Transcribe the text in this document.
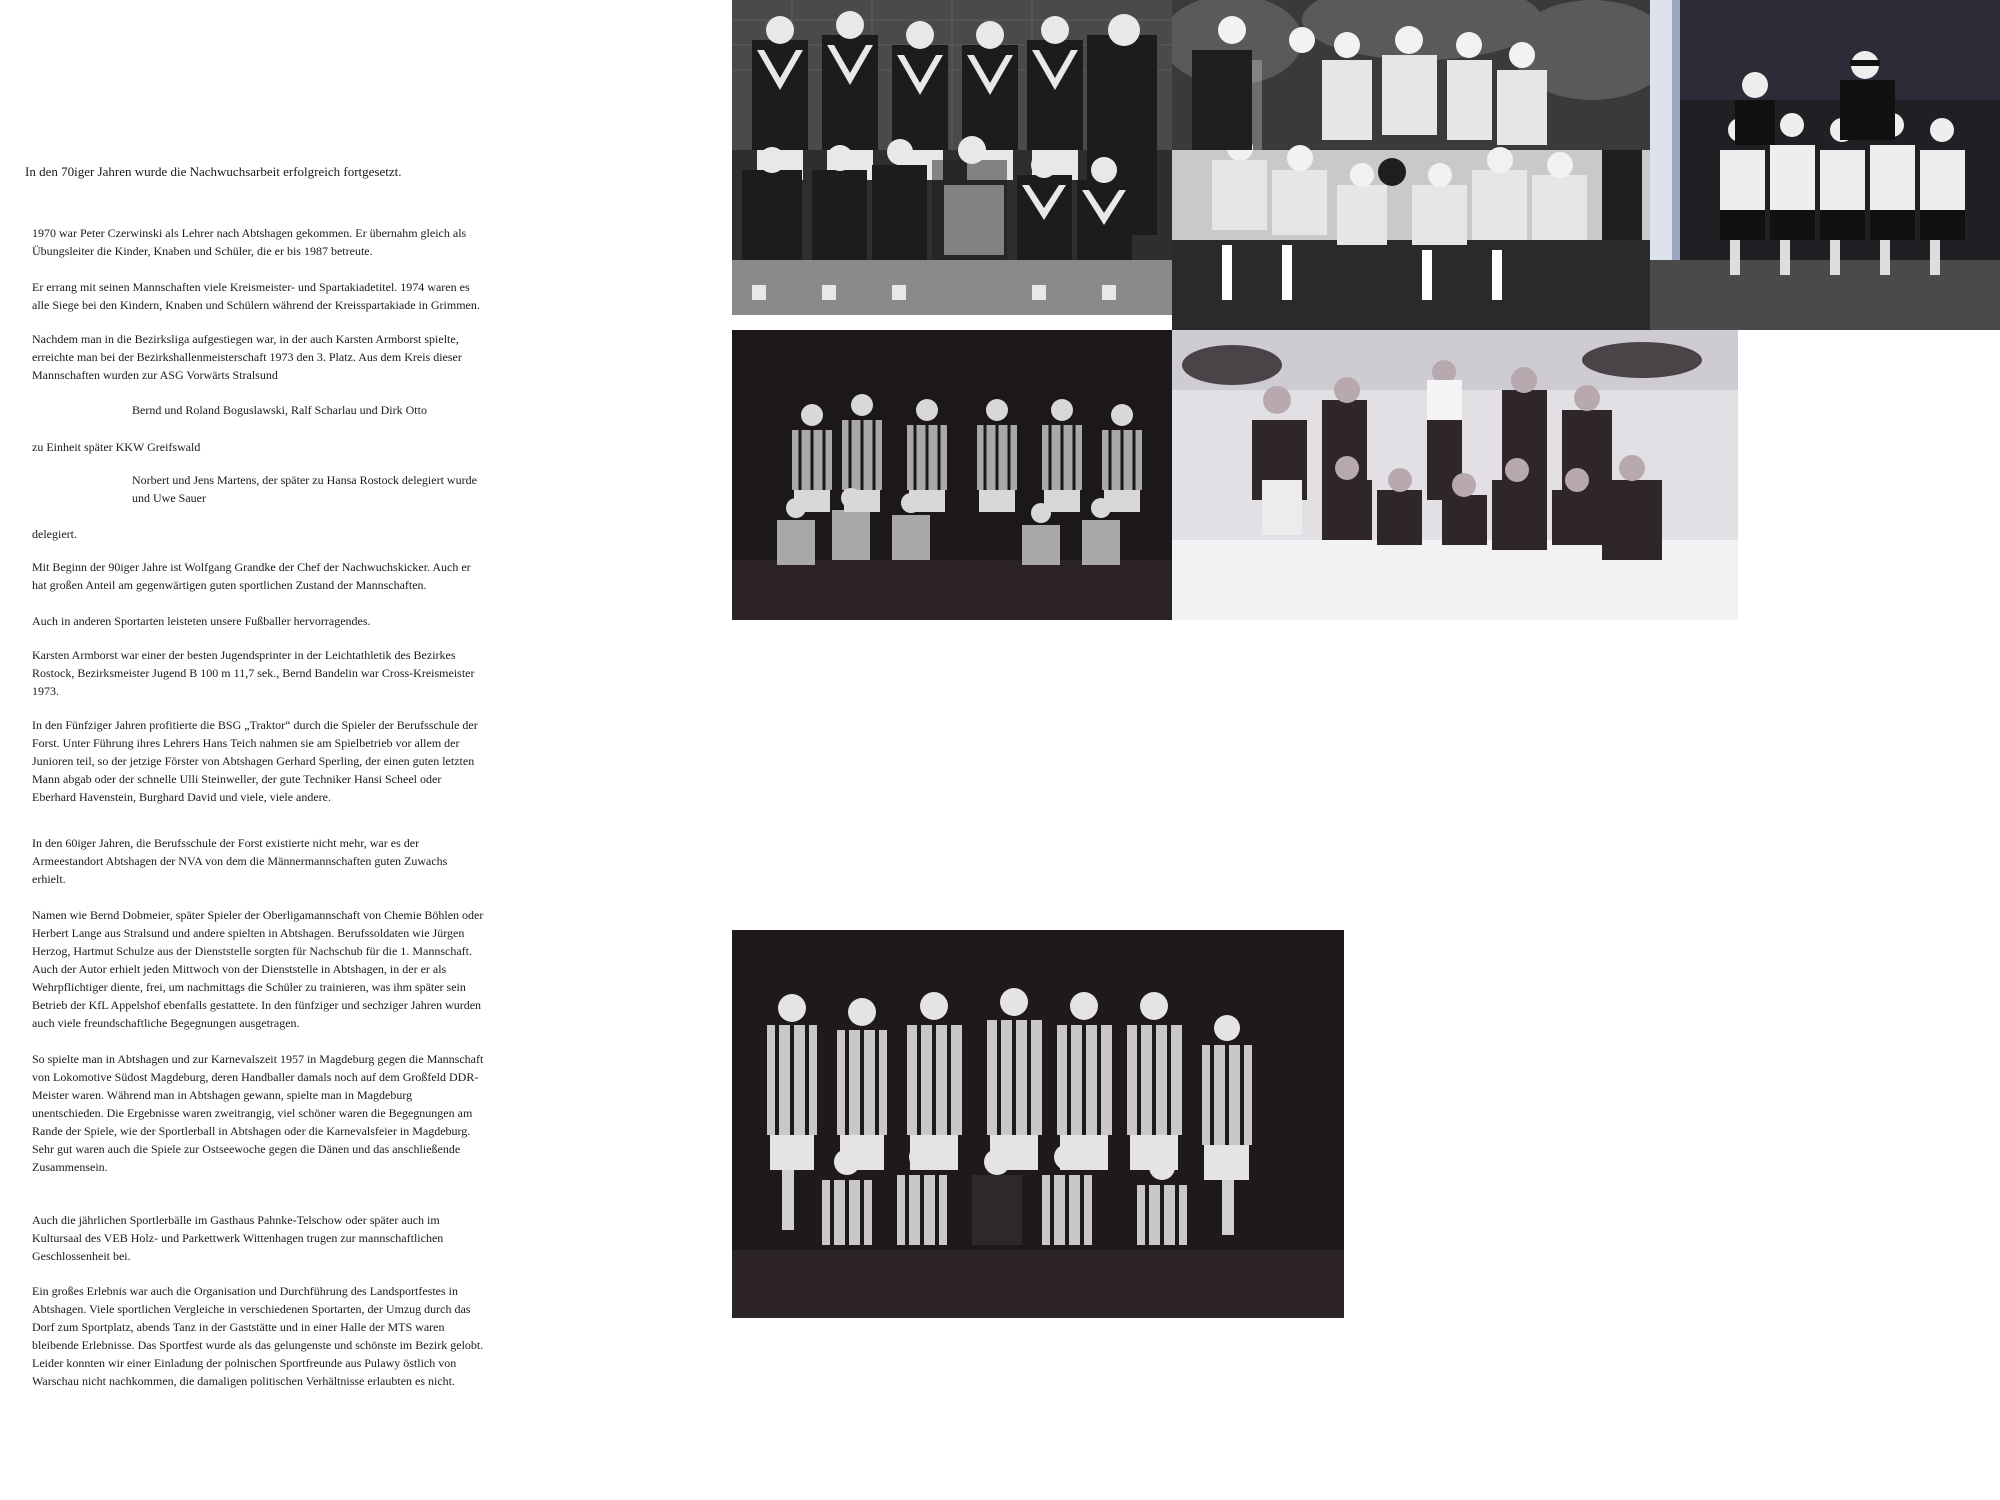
In den 70iger Jahren wurde die Nachwuchsarbeit erfolgreich fortgesetzt.

1970 war Peter Czerwinski als Lehrer nach Abtshagen gekommen. Er übernahm gleich als
Übungsleiter die Kinder, Knaben und Schüler, die er bis 1987 betreute.

Er errang mit seinen Mannschaften viele Kreismeister- und Spartakiadetitel. 1974 waren es
alle Siege bei den Kindern, Knaben und Schülern während der Kreisspartakiade in Grimmen.

Nachdem man in die Bezirksliga aufgestiegen war, in der auch Karsten Armborst spielte,
erreichte man bei der Bezirkshallenmeisterschaft 1973 den 3. Platz. Aus dem Kreis dieser
Mannschaften wurden zur ASG Vorwärts Stralsund

Bernd und Roland Boguslawski, Ralf Scharlau und Dirk Otto

zu Einheit später KKW Greifswald

Norbert und Jens Martens, der später zu Hansa Rostock delegiert wurde
und Uwe Sauer

delegiert.

Mit Beginn der 90iger Jahre ist Wolfgang Grandke der Chef der Nachwuchskicker. Auch er
hat großen Anteil am gegenwärtigen guten sportlichen Zustand der Mannschaften.

Auch in anderen Sportarten leisteten unsere Fußballer hervorragendes.

Karsten Armborst war einer der besten Jugendsprinter in der Leichtathletik des Bezirkes
Rostock, Bezirksmeister Jugend B 100 m 11,7 sek., Bernd Bandelin war Cross-Kreismeister
1973.

In den Fünfziger Jahren profitierte die BSG „Traktor“ durch die Spieler der Berufsschule der
Forst. Unter Führung ihres Lehrers Hans Teich nahmen sie am Spielbetrieb vor allem der
Junioren teil, so der jetzige Förster von Abtshagen Gerhard Sperling, der einen guten letzten
Mann abgab oder der schnelle Ulli Steinweller, der gute Techniker Hansi Scheel oder
Eberhard Havenstein, Burghard David und viele, viele andere.

In den 60iger Jahren, die Berufsschule der Forst existierte nicht mehr, war es der
Armeestandort Abtshagen der NVA von dem die Männermannschaften guten Zuwachs
erhielt.

Namen wie Bernd Dobmeier, später Spieler der Oberligamannschaft von Chemie Böhlen oder
Herbert Lange aus Stralsund und andere spielten in Abtshagen. Berufssoldaten wie Jürgen
Herzog, Hartmut Schulze aus der Dienststelle sorgten für Nachschub für die 1. Mannschaft.
Auch der Autor erhielt jeden Mittwoch von der Dienststelle in Abtshagen, in der er als
Wehrpflichtiger diente, frei, um nachmittags die Schüler zu trainieren, was ihm später sein
Betrieb der KfL Appelshof ebenfalls gestattete. In den fünfziger und sechziger Jahren wurden
auch viele freundschaftliche Begegnungen ausgetragen.

So spielte man in Abtshagen und zur Karnevalszeit 1957 in Magdeburg gegen die Mannschaft
von Lokomotive Südost Magdeburg, deren Handballer damals noch auf dem Großfeld DDR-
Meister waren. Während man in Abtshagen gewann, spielte man in Magdeburg
unentschieden. Die Ergebnisse waren zweitrangig, viel schöner waren die Begegnungen am
Rande der Spiele, wie der Sportlerball in Abtshagen oder die Karnevalsfeier in Magdeburg.
Sehr gut waren auch die Spiele zur Ostseewoche gegen die Dänen und das anschließende
Zusammensein.

Auch die jährlichen Sportlerbälle im Gasthaus Pahnke-Telschow oder später auch im
Kultursaal des VEB Holz- und Parkettwerk Wittenhagen trugen zur mannschaftlichen
Geschlossenheit bei.

Ein großes Erlebnis war auch die Organisation und Durchführung des Landsportfestes in
Abtshagen. Viele sportlichen Vergleiche in verschiedenen Sportarten, der Umzug durch das
Dorf zum Sportplatz, abends Tanz in der Gaststätte und in einer Halle der MTS waren
bleibende Erlebnisse. Das Sportfest wurde als das gelungenste und schönste im Bezirk gelobt.
Leider konnten wir einer Einladung der polnischen Sportfreunde aus Pulawy östlich von
Warschau nicht nachkommen, die damaligen politischen Verhältnisse erlaubten es nicht.
